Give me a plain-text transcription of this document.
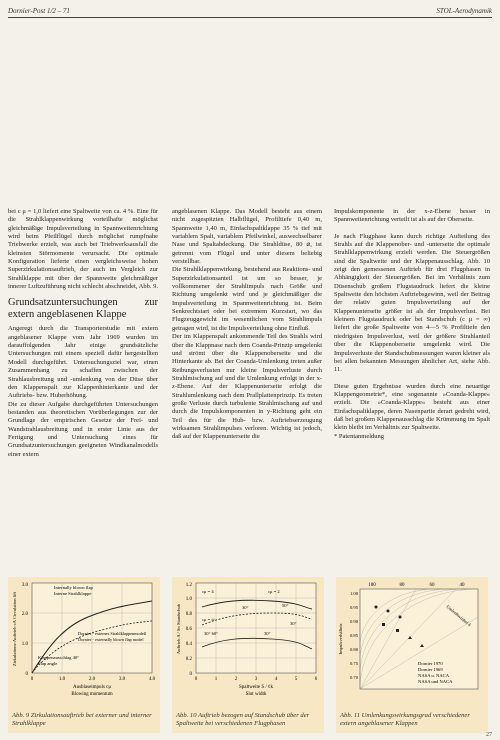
Dornier-Post 1/2 – 71	STOL-Aerodynamik

bei c μ = 1,0 liefert eine Spaltweite von ca. 4 %. Eine für die Strahlklappenwirkung vorteilhafte möglichst gleichmäßige Impulsverteilung in Spannweitenrichtung wird beim Pfeilflügel durch möglichst rumpfnahe Triebwerke erzielt, was auch bei Triebwerksausfall die kleinsten Störmomente verursacht. Die optimale Konfiguration lieferte einen vergleichsweise hohen Superzirkulationsauftrieb, der auch im Vergleich zur Strahlklappe mit über der Spannweite gleichmäßiger innerer Luftzuführung nicht schlecht abschneidet, Abb. 9.

Grundsatzuntersuchungen zur extern angeblasenen Klappe

Angeregt durch die Transporterstudie mit extern angeblasener Klappe vom Jahr 1969 wurden im darauffolgenden Jahr einige grundsätzliche Untersuchungen mit einem speziell dafür hergestellten Modell durchgeführt. Untersuchungsziel war, einen Zusammenhang zu schaffen zwischen der Strahlausbreitung und -umlenkung von der Düse über den Klappenspalt zur Klappenhinterkante und der Auftriebs- bzw. Huberhöhung.

Die zu dieser Aufgabe durchgeführten Untersuchungen bestanden aus theoretischen Vorüberlegungen zur der Grundlage der empirischen Gesetze der Frei- und Wandstrahlausbreitung und in erster Linie aus der Fertigung und Untersuchung eines für Grundsatzuntersuchungen geeigneten Windkanalmodells einer extern

angeblasenen Klappe. Das Modell besteht aus einem nicht zugespitzten Halbflügel, Profiltiefe 0,40 m, Spannweite 1,40 m, Einfachspaltklappe 35 % tief mit variablem Spalt, variablem Pfeilwinkel, auswechselbarer Nase und Spaltabdeckung. Die Strahldüse, 80 ⌀, ist getrennt vom Flügel und unter diesem beliebig verstellbar.

Die Strahlklappenwirkung, bestehend aus Reaktions- und Superzirkulationsanteil ist um so besser, je vollkommener der Strahlimpuls nach Größe und Richtung umgelenkt wird und je gleichmäßiger die Impulsverteilung in Spannweitenrichtung ist. Beim Senkrechtstart oder bei extremem Kurzstart, wo das Flugzeuggewicht im wesentlichen vom Strahlimpuls getragen wird, ist die Impulsverteilung ohne Einfluß.

Der im Klappenspalt ankommende Teil des Strahls wird über die Klappnase nach dem Coanda-Prinzip umgelenkt und strömt über die Klappenoberseite und die Hinterkante ab. Bei der Coanda-Umlenkung treten außer Reibungsverlusten nur kleine Impulsverluste durch Strahlmischung auf und die Umlenkung erfolgt in der x-z-Ebene. Auf der Klappenunterseite erfolgt die Strahlumlenkung nach dem Prallplattenprinzip. Es treten große Verluste durch turbulente Strahlmischung auf und durch die Impulskomponenten in y-Richtung geht ein Teil des für die Hub- bzw. Auftriebserzeugung wirksamen Strahlimpulses verloren. Wichtig ist jedoch, daß auf der Klappenunterseite die

Impulskomponente in der x-z-Ebene besser in Spannweitenrichtung verteilt ist als auf der Oberseite.

Je nach Flugphase kann durch richtige Aufteilung des Strahls auf die Klappenober- und -unterseite die optimale Strahlklappenwirkung erzielt werden. Die Steuergrößen sind die Spaltweite und der Klappenausschlag. Abb. 10 zeigt den gemessenen Auftrieb für drei Flugphasen in Abhängigkeit der Steuergrößen. Bei im Verhältnis zum Düsenschub großem Flugstaudruck liefert die kleine Spaltweite den höchsten Auftriebsgewinn, weil der Beitrag der relativ guten Impulsverteilung auf der Klappenunterseite größer ist als der Impulsverlust. Bei kleinem Flugstaudruck oder bei Standschub (c μ = ∞) liefert die große Spaltweite von 4—5 % Profiltiefe den niedrigsten Impulsverlust, weil der größere Strahlanteil über die Klappenoberseite umgelenkt wird. Die Impulsverluste der Standschubmessungen waren kleiner als bei allen bekannten Messungen ähnlicher Art, siehe Abb. 11.

Diese guten Ergebnisse wurden durch eine neuartige Klappengeometrie*, eine sogenannte »Coanda-Klappe« erzielt. Die »Coanda-Klappe« besteht aus einer Einfachspaltklappe, deren Nasenpartie derart gedreht wird, daß bei großem Klappenausschlag die Krümmung im Spalt klein bleibt im Verhältnis zur Spaltweite.

* Patentanmeldung

0
1.0
2.0
3.0
0	1.0	2.0	3.0	4.0
Ausblaseimpuls cμ
Blowing momentum
Zirkulations-Auftrieb cA Circulation lift
Internally blown flap
Interne Strahlklappe
Dornier - externes Strahlklappenmodell
Dornier - externally blown flap model
Klappenausschlag 40°
Flap angle
Abb. 9 Zirkulationsauftrieb bei externer und interner Strahlklappe
0
0.2
0.4
0.6
0.8
1.0
1.2
0	1	2	3	4	5	6
Spaltweite S / ℓk
Slot width
Auftrieb A / So Standschub
cμ = 4
cμ = ∞
cμ = 2
50°
30°
30°
30° 60°	30°
Abb. 10 Auftrieb bezogen auf Standschub über der Spaltweite bei verschiedenen Flugphasen
100	80	60	40
1.00
0.95
0.90
0.85
0.80
0.75
0.70
Impulsverhältnis
Umlenkwinkel δ
Dornier 1970
Dornier 1969
NASA u. NACA
NASA und NACA
Abb. 11 Umlenkungswirkungsgrad verschiedener extern angeblasener Klappen
27
